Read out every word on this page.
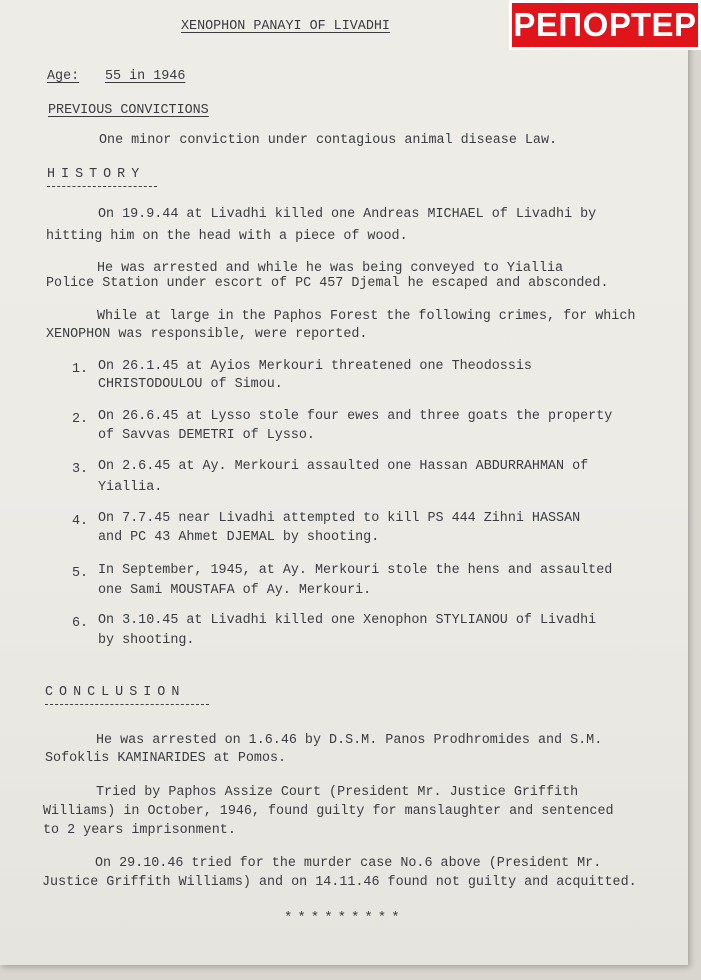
XENOPHON PANAYI OF LIVADHI
Age: 55 in 1946
PREVIOUS CONVICTIONS
One minor conviction under contagious animal disease Law.
HISTORY
On 19.9.44 at Livadhi killed one Andreas MICHAEL of Livadhi by
hitting him on the head with a piece of wood.
He was arrested and while he was being conveyed to Yiallia
Police Station under escort of PC 457 Djemal he escaped and absconded.
While at large in the Paphos Forest the following crimes, for which
XENOPHON was responsible, were reported.
1. On 26.1.45 at Ayios Merkouri threatened one Theodossis
CHRISTODOULOU of Simou.
2. On 26.6.45 at Lysso stole four ewes and three goats the property
of Savvas DEMETRI of Lysso.
3. On 2.6.45 at Ay. Merkouri assaulted one Hassan ABDURRAHMAN of
Yiallia.
4. On 7.7.45 near Livadhi attempted to kill PS 444 Zihni HASSAN
and PC 43 Ahmet DJEMAL by shooting.
5. In September, 1945, at Ay. Merkouri stole the hens and assaulted
one Sami MOUSTAFA of Ay. Merkouri.
6. On 3.10.45 at Livadhi killed one Xenophon STYLIANOU of Livadhi
by shooting.
CONCLUSION
He was arrested on 1.6.46 by D.S.M. Panos Prodhromides and S.M.
Sofoklis KAMINARIDES at Pomos.
Tried by Paphos Assize Court (President Mr. Justice Griffith
Williams) in October, 1946, found guilty for manslaughter and sentenced
to 2 years imprisonment.
On 29.10.46 tried for the murder case No.6 above (President Mr.
Justice Griffith Williams) and on 14.11.46 found not guilty and acquitted.
*********
РЕПОРТЕР
